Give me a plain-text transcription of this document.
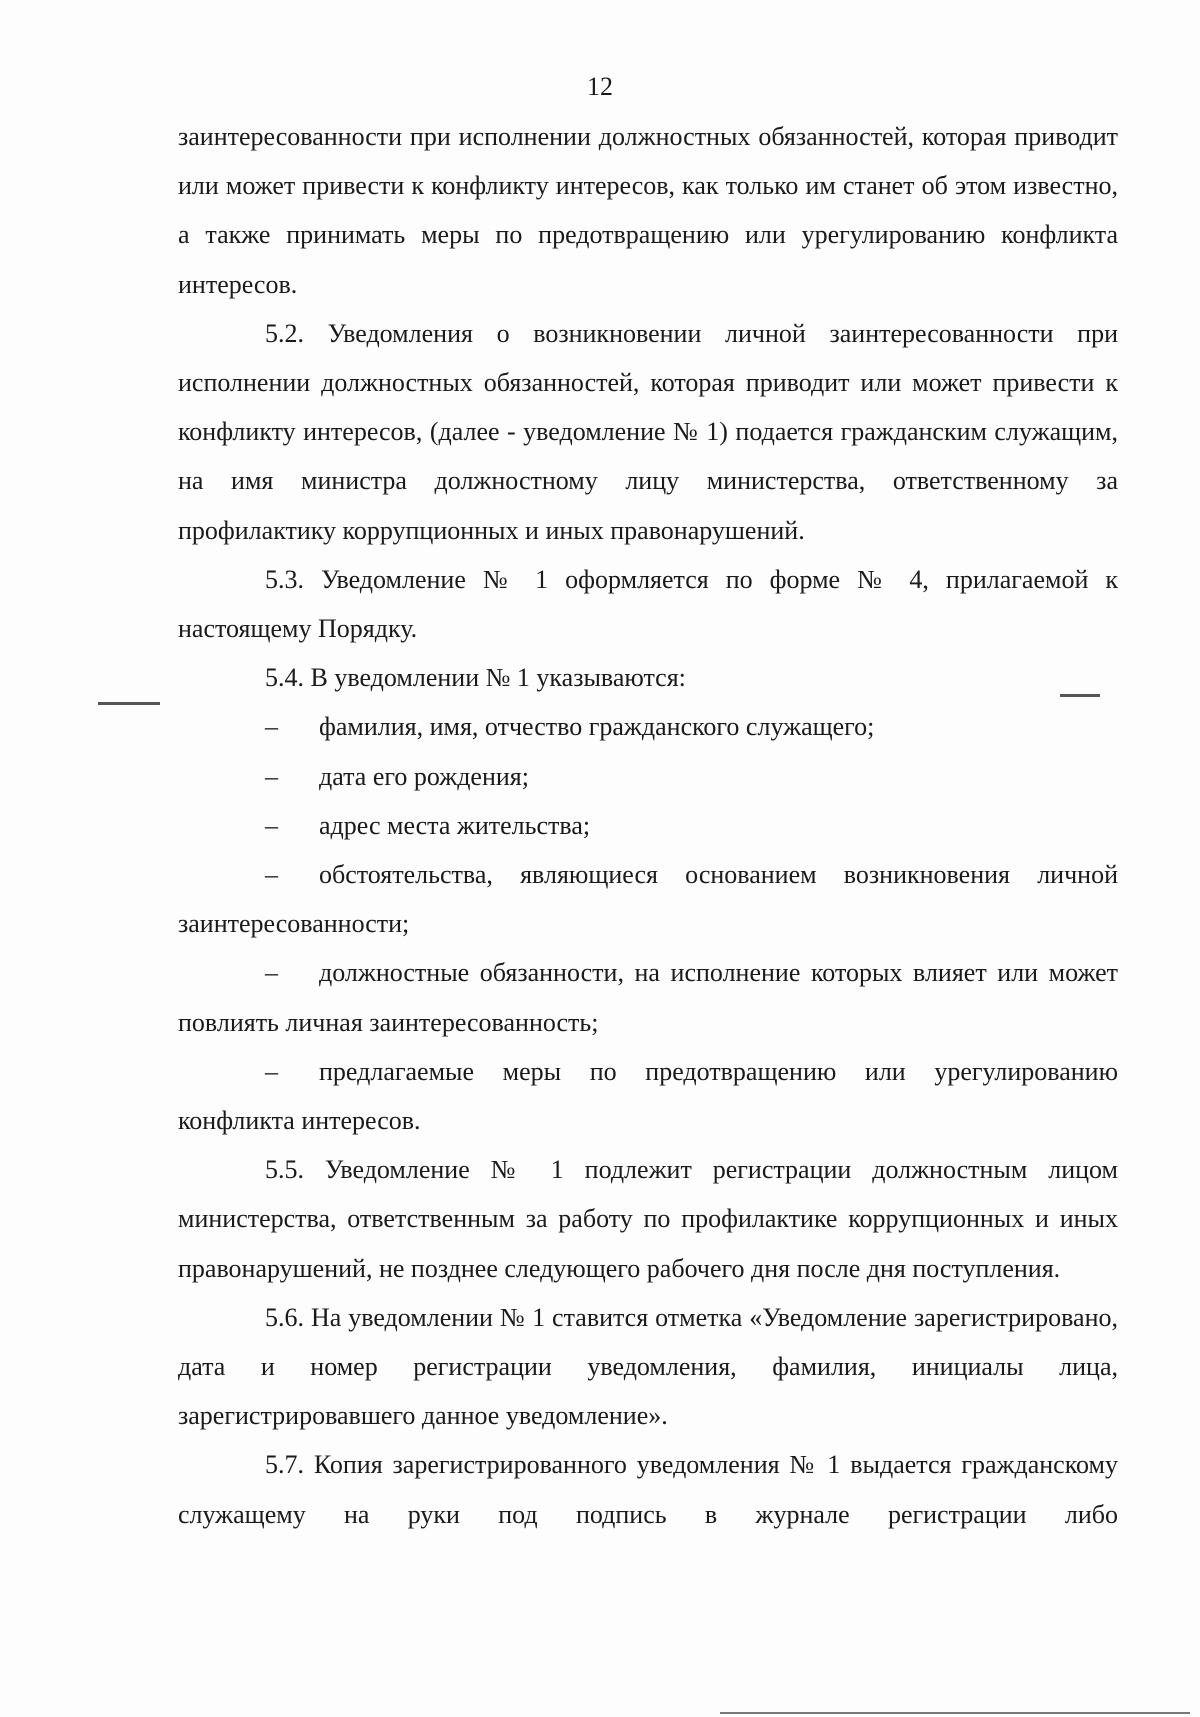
12

заинтересованности при исполнении должностных обязанностей, которая приводит или может привести к конфликту интересов, как только им станет об этом известно, а также принимать меры по предотвращению или урегулированию конфликта интересов.

5.2. Уведомления о возникновении личной заинтересованности при исполнении должностных обязанностей, которая приводит или может привести к конфликту интересов, (далее - уведомление № 1) подается гражданским служащим, на имя министра должностному лицу министерства, ответственному за профилактику коррупционных и иных правонарушений.

5.3. Уведомление № 1 оформляется по форме № 4, прилагаемой к настоящему Порядку.

5.4. В уведомлении № 1 указываются:

– фамилия, имя, отчество гражданского служащего;

– дата его рождения;

– адрес места жительства;

– обстоятельства, являющиеся основанием возникновения личной заинтересованности;

– должностные обязанности, на исполнение которых влияет или может повлиять личная заинтересованность;

– предлагаемые меры по предотвращению или урегулированию конфликта интересов.

5.5. Уведомление № 1 подлежит регистрации должностным лицом министерства, ответственным за работу по профилактике коррупционных и иных правонарушений, не позднее следующего рабочего дня после дня поступления.

5.6. На уведомлении № 1 ставится отметка «Уведомление зарегистрировано, дата и номер регистрации уведомления, фамилия, инициалы лица, зарегистрировавшего данное уведомление».

5.7. Копия зарегистрированного уведомления № 1 выдается гражданскому служащему на руки под подпись в журнале регистрации либо
